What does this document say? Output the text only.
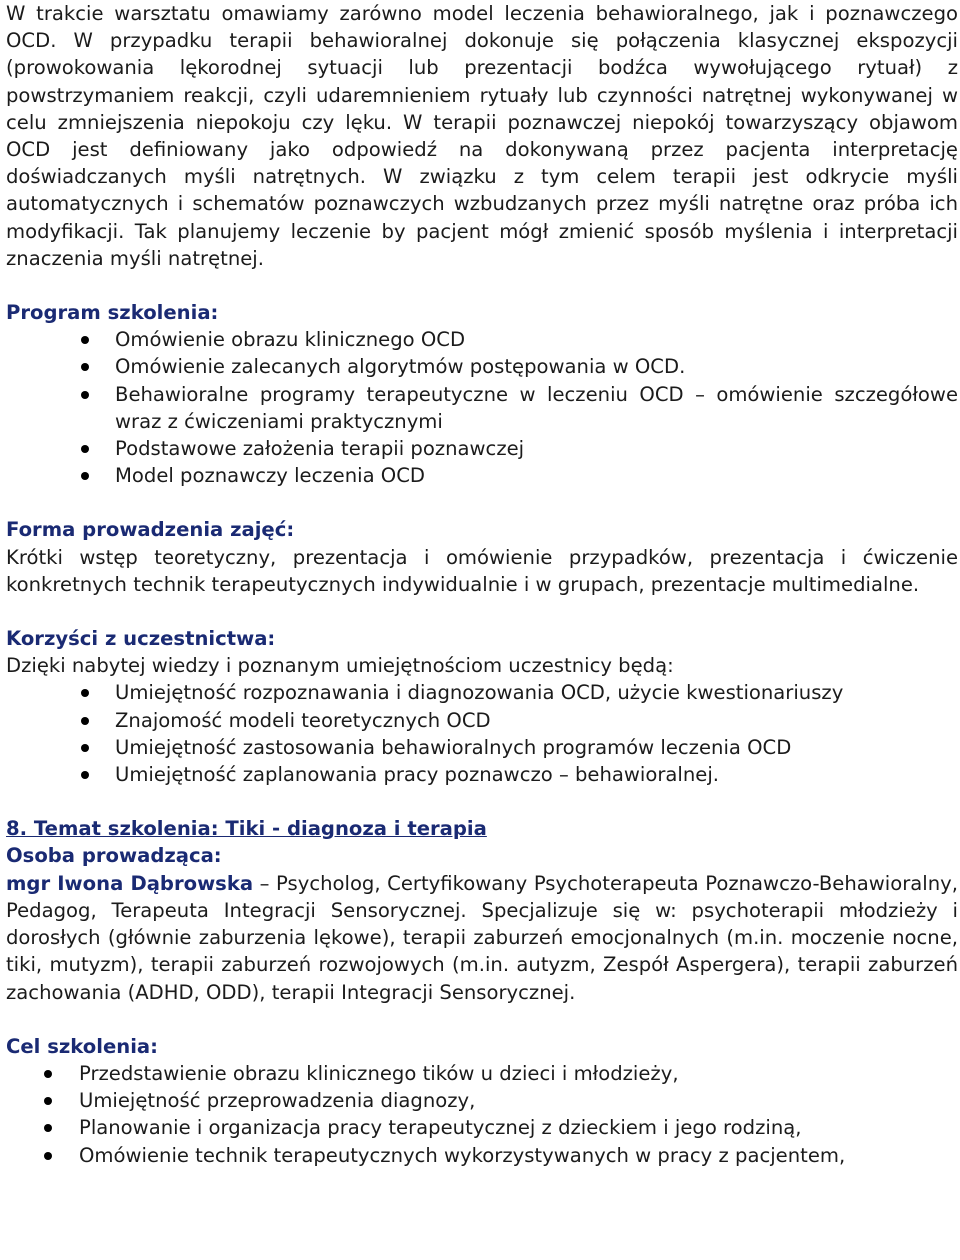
W trakcie warsztatu omawiamy zarówno model leczenia behawioralnego, jak i poznawczego OCD. W przypadku terapii behawioralnej dokonuje się połączenia klasycznej ekspozycji (prowokowania lękorodnej sytuacji lub prezentacji bodźca wywołującego rytuał) z powstrzymaniem reakcji, czyli udaremnieniem rytuały lub czynności natrętnej wykonywanej w celu zmniejszenia niepokoju czy lęku. W terapii poznawczej niepokój towarzyszący objawom OCD jest definiowany jako odpowiedź na dokonywaną przez pacjenta interpretację doświadczanych myśli natrętnych. W związku z tym celem terapii jest odkrycie myśli automatycznych i schematów poznawczych wzbudzanych przez myśli natrętne oraz próba ich modyfikacji. Tak planujemy leczenie by pacjent mógł zmienić sposób myślenia i interpretacji znaczenia myśli natrętnej.

Program szkolenia:

Omówienie obrazu klinicznego OCD
Omówienie zalecanych algorytmów postępowania w OCD.
Behawioralne programy terapeutyczne w leczeniu OCD – omówienie szczegółowe wraz z ćwiczeniami praktycznymi
Podstawowe założenia terapii poznawczej
Model poznawczy leczenia OCD

Forma prowadzenia zajęć:

Krótki wstęp teoretyczny, prezentacja i omówienie przypadków, prezentacja i ćwiczenie konkretnych technik terapeutycznych indywidualnie i w grupach, prezentacje multimedialne.

Korzyści z uczestnictwa:

Dzięki nabytej wiedzy i poznanym umiejętnościom uczestnicy będą:

Umiejętność rozpoznawania i diagnozowania OCD, użycie kwestionariuszy
Znajomość modeli teoretycznych OCD
Umiejętność zastosowania behawioralnych programów leczenia OCD
Umiejętność zaplanowania pracy poznawczo – behawioralnej.

8. Temat szkolenia: Tiki - diagnoza i terapia

Osoba prowadząca:

mgr Iwona Dąbrowska – Psycholog, Certyfikowany Psychoterapeuta Poznawczo-Behawioralny, Pedagog, Terapeuta Integracji Sensorycznej. Specjalizuje się w: psychoterapii młodzieży i dorosłych (głównie zaburzenia lękowe), terapii zaburzeń emocjonalnych (m.in. moczenie nocne, tiki, mutyzm), terapii zaburzeń rozwojowych (m.in. autyzm, Zespół Aspergera), terapii zaburzeń zachowania (ADHD, ODD), terapii Integracji Sensorycznej.

Cel szkolenia:

Przedstawienie obrazu klinicznego tików u dzieci i młodzieży,
Umiejętność przeprowadzenia diagnozy,
Planowanie i organizacja pracy terapeutycznej z dzieckiem i jego rodziną,
Omówienie technik terapeutycznych wykorzystywanych w pracy z pacjentem,
